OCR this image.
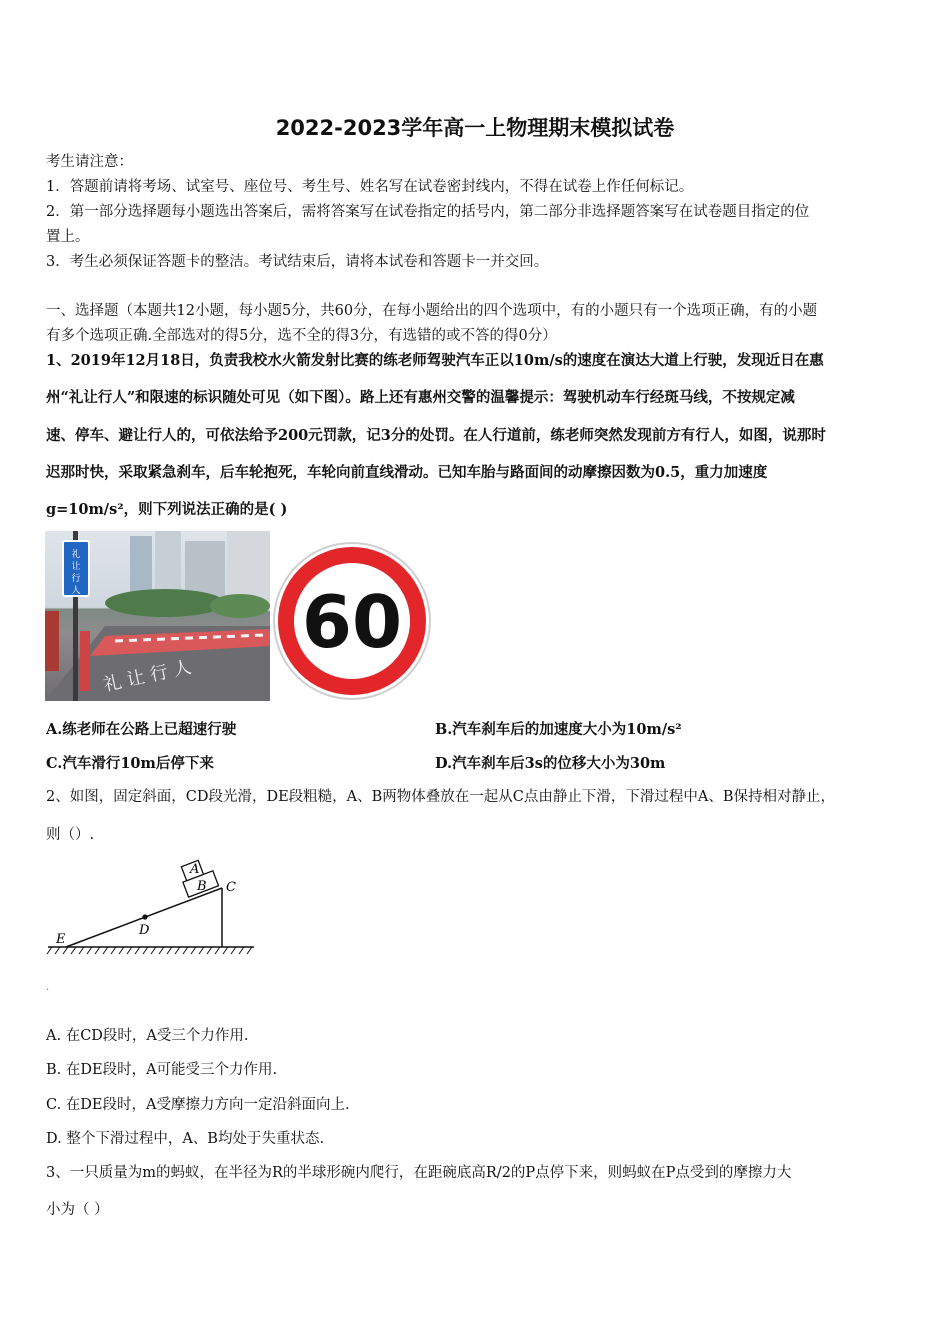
2022-2023学年高一上物理期末模拟试卷
考生请注意：
1．答题前请将考场、试室号、座位号、考生号、姓名写在试卷密封线内，不得在试卷上作任何标记。
2．第一部分选择题每小题选出答案后，需将答案写在试卷指定的括号内，第二部分非选择题答案写在试卷题目指定的位
置上。
3．考生必须保证答题卡的整洁。考试结束后，请将本试卷和答题卡一并交回。
一、选择题（本题共12小题，每小题5分，共60分，在每小题给出的四个选项中，有的小题只有一个选项正确，有的小题
有多个选项正确.全部选对的得5分，选不全的得3分，有选错的或不答的得0分）
1、2019年12月18日，负责我校水火箭发射比赛的练老师驾驶汽车正以10m/s的速度在演达大道上行驶，发现近日在惠
州“礼让行人”和限速的标识随处可见（如下图）。路上还有惠州交警的温馨提示：驾驶机动车行经斑马线，不按规定减
速、停车、避让行人的，可依法给予200元罚款，记3分的处罚。在人行道前，练老师突然发现前方有行人，如图，说那时
迟那时快，采取紧急刹车，后车轮抱死，车轮向前直线滑动。已知车胎与路面间的动摩擦因数为0.5，重力加速度
g=10m/s²，则下列说法正确的是( )
礼
让
行
人
礼 让 行 人
60
A.练老师在公路上已超速行驶	B.汽车刹车后的加速度大小为10m/s²
C.汽车滑行10m后停下来	D.汽车刹车后3s的位移大小为30m
2、如图，固定斜面，CD段光滑，DE段粗糙，A、B两物体叠放在一起从C点由静止下滑，下滑过程中A、B保持相对静止，
则（）.
A
B C
D
E
.
A. 在CD段时，A受三个力作用.
B. 在DE段时，A可能受三个力作用.
C. 在DE段时，A受摩擦力方向一定沿斜面向上.
D. 整个下滑过程中，A、B均处于失重状态.
3、一只质量为m的蚂蚁，在半径为R的半球形碗内爬行，在距碗底高R/2的P点停下来，则蚂蚁在P点受到的摩擦力大
小为（ ）
